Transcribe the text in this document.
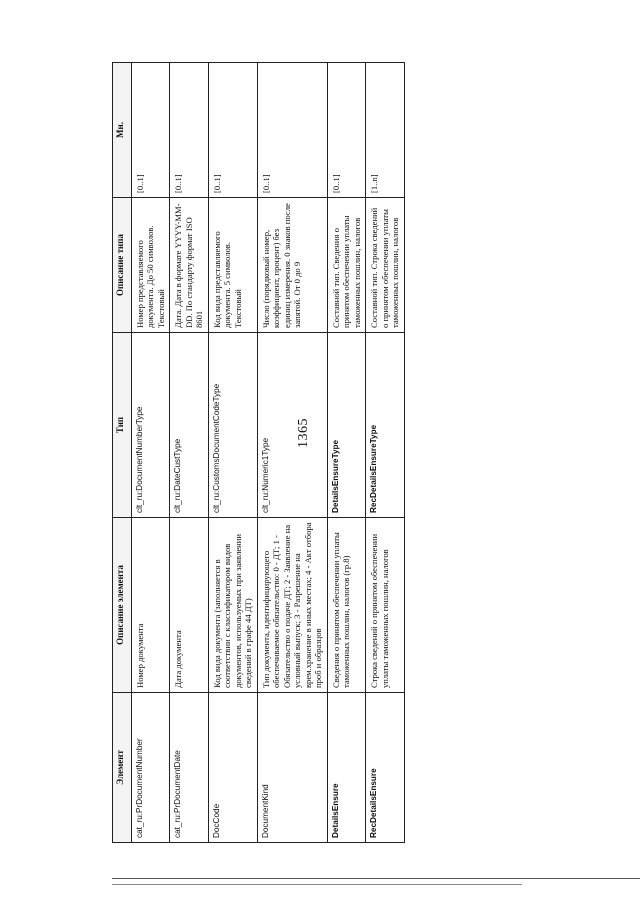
1365
Элемент	Описание элемента	Тип	Описание типа	Мн.
cat_ru:PrDocumentNumber	Номер документа	clt_ru:DocumentNumberType	Номер представляемого документа. До 50 символов. Текстовый	[0..1]
cat_ru:PrDocumentDate	Дата документа	clt_ru:DateCustType	Дата. Дата в формате YYYY-MM-DD. По стандарту формат ISO 8601	[0..1]
DocCode	Код вида документа (заполняется в соответствии с классификатором видов документов, используемых при заявлении сведений в графе 44 ДТ)	clt_ru:CustomsDocumentCodeType	Код вида представляемого документа. 5 символов. Текстовый	[0..1]
DocumentKind	Тип документа, идентифицирующего обеспечиваемое обязательство: 0 - ДТ; 1 - Обязательство о подаче ДТ; 2 - Заявление на условный выпуск; 3 - Разрешение на врем.хранение в иных местах; 4 - Акт отбора проб и образцов	clt_ru:Numeric1Type	Число (порядковый номер, коэффициент, процент) без единиц измерения. 0 знаков после запятой. От 0 до 9	[0..1]
DetailsEnsure	Сведения о принятом обеспечении уплаты таможенных пошлин, налогов (гр.8)	DetailsEnsureType	Составной тип. Сведения о принятом обеспечении уплаты таможенных пошлин, налогов	[0..1]
RecDetailsEnsure	Строка сведений о принятом обеспечении уплаты таможенных пошлин, налогов	RecDetailsEnsureType	Составной тип. Строка сведений о принятом обеспечении уплаты таможенных пошлин, налогов	[1..n]
